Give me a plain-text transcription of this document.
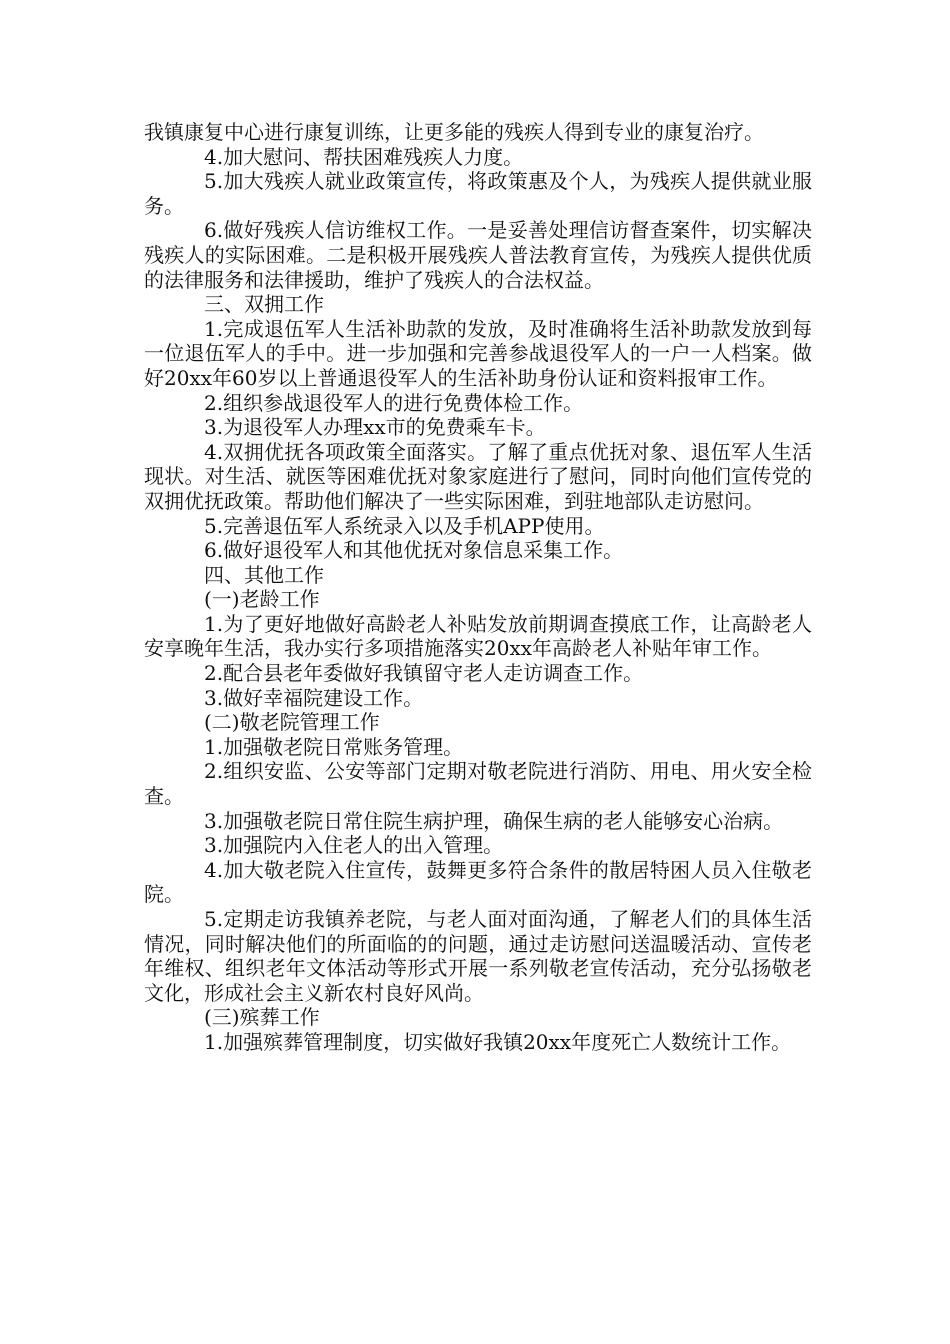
我镇康复中心进行康复训练，让更多能的残疾人得到专业的康复治疗。

4.加大慰问、帮扶困难残疾人力度。

5.加大残疾人就业政策宣传，将政策惠及个人，为残疾人提供就业服务。

6.做好残疾人信访维权工作。一是妥善处理信访督查案件，切实解决残疾人的实际困难。二是积极开展残疾人普法教育宣传，为残疾人提供优质的法律服务和法律援助，维护了残疾人的合法权益。

三、双拥工作

1.完成退伍军人生活补助款的发放，及时准确将生活补助款发放到每一位退伍军人的手中。进一步加强和完善参战退役军人的一户一人档案。做好20xx年60岁以上普通退役军人的生活补助身份认证和资料报审工作。

2.组织参战退役军人的进行免费体检工作。

3.为退役军人办理xx市的免费乘车卡。

4.双拥优抚各项政策全面落实。了解了重点优抚对象、退伍军人生活现状。对生活、就医等困难优抚对象家庭进行了慰问，同时向他们宣传党的双拥优抚政策。帮助他们解决了一些实际困难，到驻地部队走访慰问。

5.完善退伍军人系统录入以及手机APP使用。

6.做好退役军人和其他优抚对象信息采集工作。

四、其他工作

(一)老龄工作

1.为了更好地做好高龄老人补贴发放前期调查摸底工作，让高龄老人安享晚年生活，我办实行多项措施落实20xx年高龄老人补贴年审工作。

2.配合县老年委做好我镇留守老人走访调查工作。

3.做好幸福院建设工作。

(二)敬老院管理工作

1.加强敬老院日常账务管理。

2.组织安监、公安等部门定期对敬老院进行消防、用电、用火安全检查。

3.加强敬老院日常住院生病护理，确保生病的老人能够安心治病。

3.加强院内入住老人的出入管理。

4.加大敬老院入住宣传，鼓舞更多符合条件的散居特困人员入住敬老院。

5.定期走访我镇养老院，与老人面对面沟通，了解老人们的具体生活情况，同时解决他们的所面临的的问题，通过走访慰问送温暖活动、宣传老年维权、组织老年文体活动等形式开展一系列敬老宣传活动，充分弘扬敬老文化，形成社会主义新农村良好风尚。

(三)殡葬工作

1.加强殡葬管理制度，切实做好我镇20xx年度死亡人数统计工作。
